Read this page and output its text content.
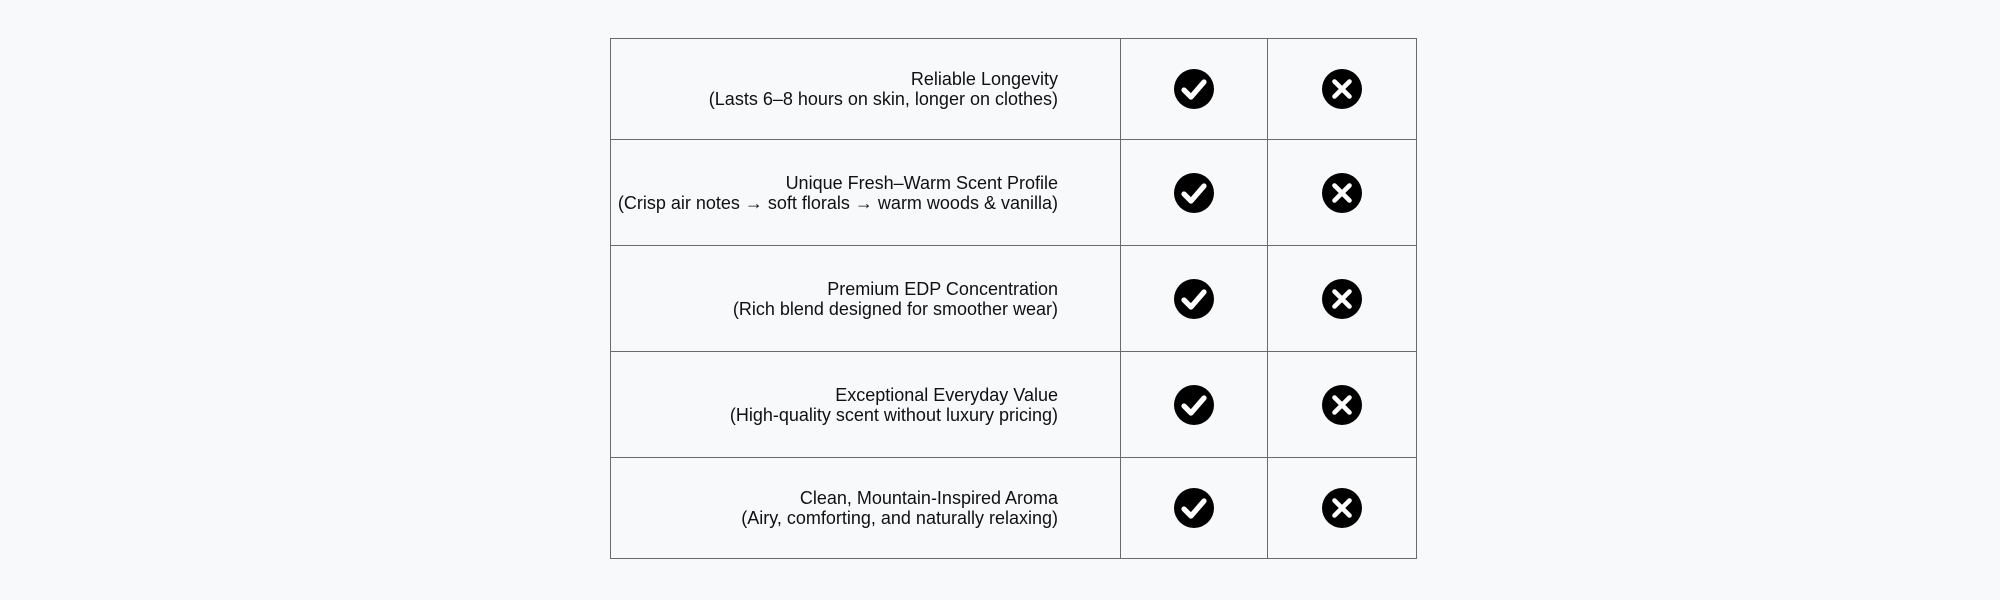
Reliable Longevity
(Lasts 6–8 hours on skin, longer on clothes)

Unique Fresh–Warm Scent Profile
(Crisp air notes → soft florals → warm woods & vanilla)

Premium EDP Concentration
(Rich blend designed for smoother wear)

Exceptional Everyday Value
(High-quality scent without luxury pricing)

Clean, Mountain-Inspired Aroma
(Airy, comforting, and naturally relaxing)
